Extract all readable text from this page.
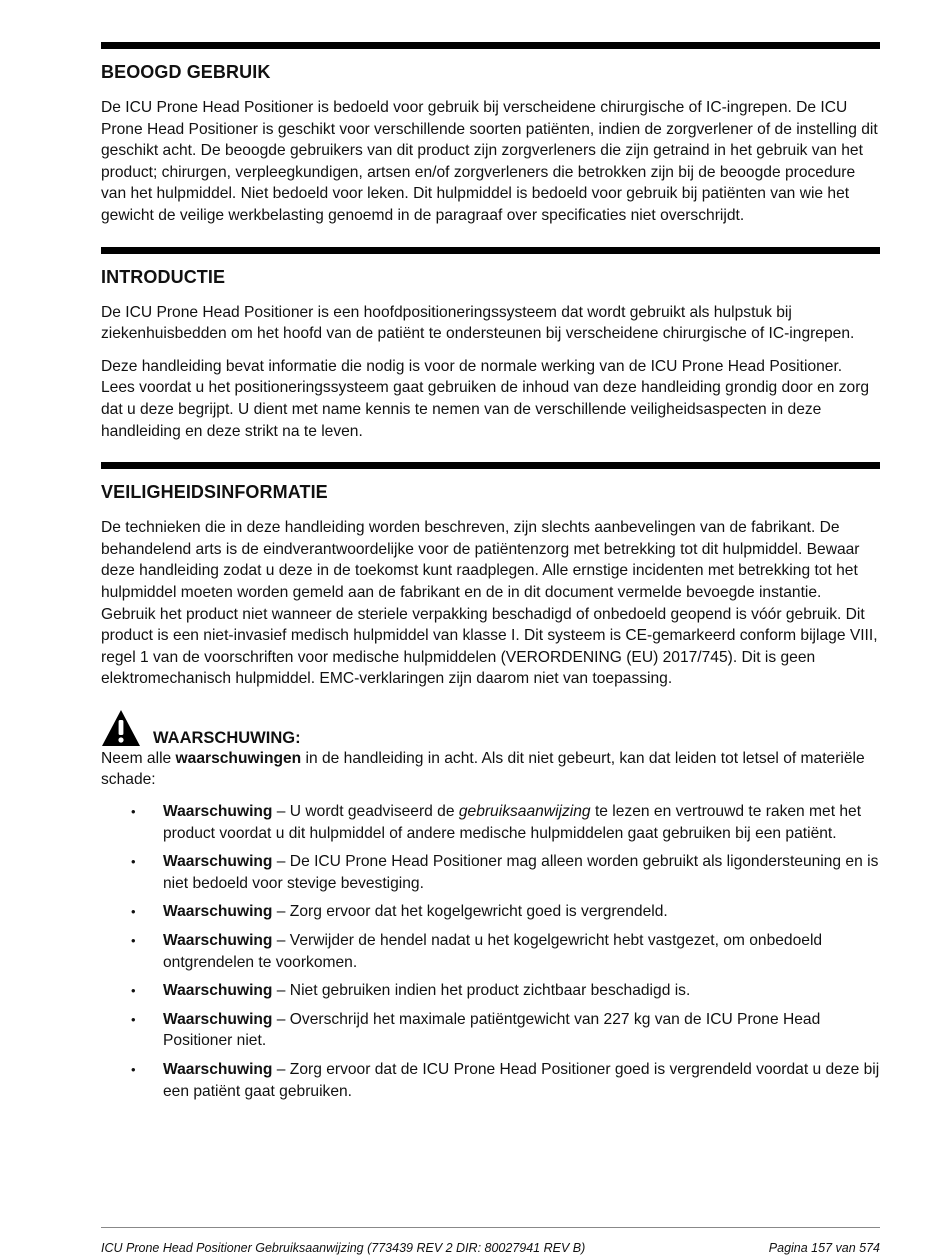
BEOOGD GEBRUIK

De ICU Prone Head Positioner is bedoeld voor gebruik bij verscheidene chirurgische of IC-ingrepen. De ICU Prone Head Positioner is geschikt voor verschillende soorten patiënten, indien de zorgverlener of de instelling dit geschikt acht. De beoogde gebruikers van dit product zijn zorgverleners die zijn getraind in het gebruik van het product; chirurgen, verpleegkundigen, artsen en/of zorgverleners die betrokken zijn bij de beoogde procedure van het hulpmiddel. Niet bedoeld voor leken. Dit hulpmiddel is bedoeld voor gebruik bij patiënten van wie het gewicht de veilige werkbelasting genoemd in de paragraaf over specificaties niet overschrijdt.

INTRODUCTIE

De ICU Prone Head Positioner is een hoofdpositioneringssysteem dat wordt gebruikt als hulpstuk bij ziekenhuisbedden om het hoofd van de patiënt te ondersteunen bij verscheidene chirurgische of IC-ingrepen.

Deze handleiding bevat informatie die nodig is voor de normale werking van de ICU Prone Head Positioner. Lees voordat u het positioneringssysteem gaat gebruiken de inhoud van deze handleiding grondig door en zorg dat u deze begrijpt. U dient met name kennis te nemen van de verschillende veiligheidsaspecten in deze handleiding en deze strikt na te leven.

VEILIGHEIDSINFORMATIE

De technieken die in deze handleiding worden beschreven, zijn slechts aanbevelingen van de fabrikant. De behandelend arts is de eindverantwoordelijke voor de patiëntenzorg met betrekking tot dit hulpmiddel. Bewaar deze handleiding zodat u deze in de toekomst kunt raadplegen. Alle ernstige incidenten met betrekking tot het hulpmiddel moeten worden gemeld aan de fabrikant en de in dit document vermelde bevoegde instantie. Gebruik het product niet wanneer de steriele verpakking beschadigd of onbedoeld geopend is vóór gebruik. Dit product is een niet-invasief medisch hulpmiddel van klasse I. Dit systeem is CE-gemarkeerd conform bijlage VIII, regel 1 van de voorschriften voor medische hulpmiddelen (VERORDENING (EU) 2017/745). Dit is geen elektromechanisch hulpmiddel. EMC-verklaringen zijn daarom niet van toepassing.

WAARSCHUWING:

Neem alle waarschuwingen in de handleiding in acht. Als dit niet gebeurt, kan dat leiden tot letsel of materiële schade:

• Waarschuwing – U wordt geadviseerd de gebruiksaanwijzing te lezen en vertrouwd te raken met het product voordat u dit hulpmiddel of andere medische hulpmiddelen gaat gebruiken bij een patiënt.
• Waarschuwing – De ICU Prone Head Positioner mag alleen worden gebruikt als ligondersteuning en is niet bedoeld voor stevige bevestiging.
• Waarschuwing – Zorg ervoor dat het kogelgewricht goed is vergrendeld.
• Waarschuwing – Verwijder de hendel nadat u het kogelgewricht hebt vastgezet, om onbedoeld ontgrendelen te voorkomen.
• Waarschuwing – Niet gebruiken indien het product zichtbaar beschadigd is.
• Waarschuwing – Overschrijd het maximale patiëntgewicht van 227 kg van de ICU Prone Head Positioner niet.
• Waarschuwing – Zorg ervoor dat de ICU Prone Head Positioner goed is vergrendeld voordat u deze bij een patiënt gaat gebruiken.
ICU Prone Head Positioner Gebruiksaanwijzing (773439 REV 2 DIR: 80027941 REV B)	Pagina 157 van 574
